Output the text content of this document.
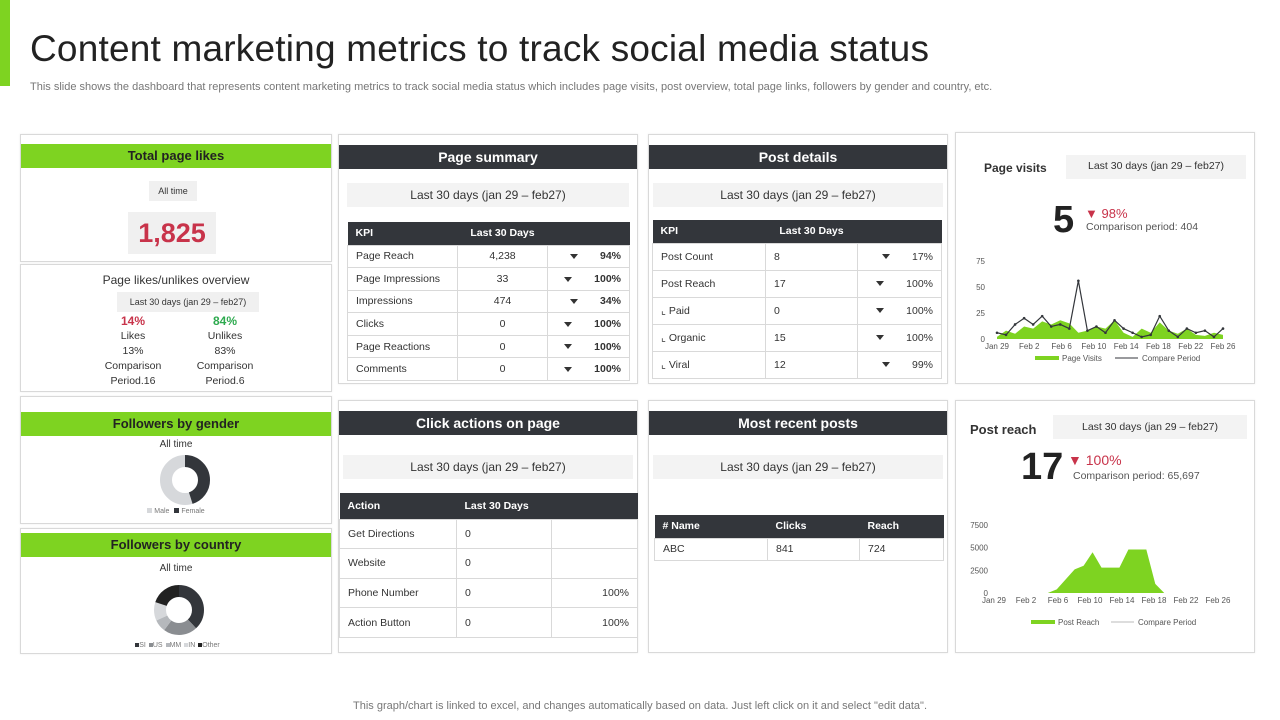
Content marketing metrics to track social media status
This slide shows the dashboard that represents content marketing metrics to track social media status which includes page visits, post overview, total page links, followers by gender and country, etc.
Total page likes
All time
1,825
Page likes/unlikes overview
Last 30 days (jan 29 – feb27)
14%
Likes
13%
Comparison Period.16
84%
Unlikes
83%
Comparison Period.6
Followers by gender
All time
Male Female
Followers by country
All time
SI US MM IN Other
Page summary
Last 30 days (jan 29 – feb27)
KPI	Last 30 Days	
Page Reach	4,238	94%
Page Impressions	33	100%
Impressions	474	34%
Clicks	0	100%
Page Reactions	0	100%
Comments	0	100%
Post details
Last 30 days (jan 29 – feb27)
KPI	Last 30 Days	
Post Count	8	17%
Post Reach	17	100%
⌞ Paid	0	100%
⌞ Organic	15	100%
⌞ Viral	12	99%
Click actions on page
Last 30 days (jan 29 – feb27)
Action	Last 30 Days	
Get Directions	0	
Website	0	
Phone Number	0	100%
Action Button	0	100%
Most recent posts
Last 30 days (jan 29 – feb27)
# Name	Clicks	Reach
ABC	841	724
Page visits	Last 30 days (jan 29 – feb27)
5 ▼ 98%
Comparison period: 404
0
25
50
75
Jan 29 Feb 2 Feb 6 Feb 10 Feb 14 Feb 18 Feb 22 Feb 26
Page Visits	Compare Period
Post reach	Last 30 days (jan 29 – feb27)
17 ▼ 100%
Comparison period: 65,697
0
2500
5000
7500
Jan 29 Feb 2 Feb 6 Feb 10 Feb 14 Feb 18 Feb 22 Feb 26
Post Reach	Compare Period
This graph/chart is linked to excel, and changes automatically based on data. Just left click on it and select "edit data".
